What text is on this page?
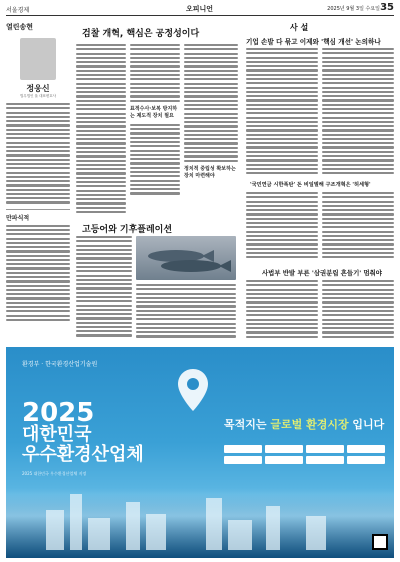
서울경제	오피니언	2025년 9월 3일 수요일 35
열린송현
정웅신
법무법인 율 대표변호사
만파식적
검찰 개혁, 핵심은 공정성이다
표적수사·보복 방지하는 제도적 장치 필요
정치적 중립성 확보하는 장치 마련해야
고등어와 기후플레이션
사 설
기업 손발 다 묶고 이제와 '핵심 개선' 논의하나
'국민연금 시한폭탄' 돈 비일벌해 구조개혁은 '허세형'
사법부 반발 부른 '삼권분립 흔들기' 멈춰야
환경부 · 한국환경산업기술원
2025
대한민국
우수환경산업체
2025 대한민국 우수환경산업체 지정
목적지는 글로벌 환경시장 입니다
